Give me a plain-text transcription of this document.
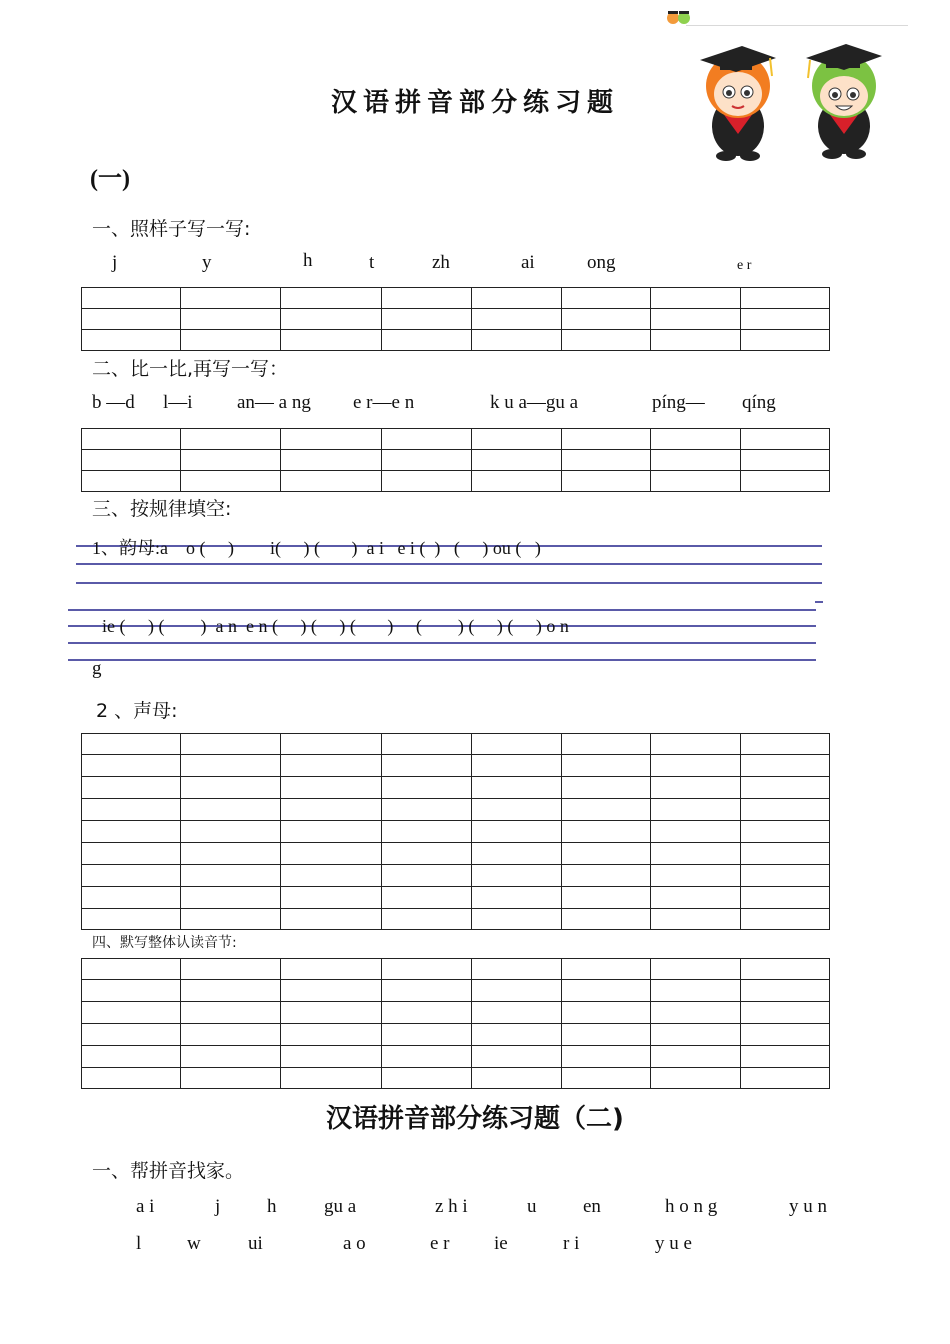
汉语拼音部分练习题
(一)
一、照样子写一写:
j	y	h	t	zh	ai	ong	e r

二、比一比,再写一写：
b —d l—i an— a ng e r—e n	k u a—gu a	píng— qíng

三、按规律填空:
1、韵母:a    o (     )        i(     ) (       )  a i   e i (  )   (     ) ou (   )
ie (     ) (        )  a n  e n (     ) (     ) (       )     (        ) (     ) (     ) o n
g
2 、声母:

四、默写整体认读音节:

汉语拼音部分练习题（二)
一、帮拼音找家。
a i	j h	gu a	z h i	u en	h o n g	y u n
l w ui	a o	e r ie	r i	y u e
